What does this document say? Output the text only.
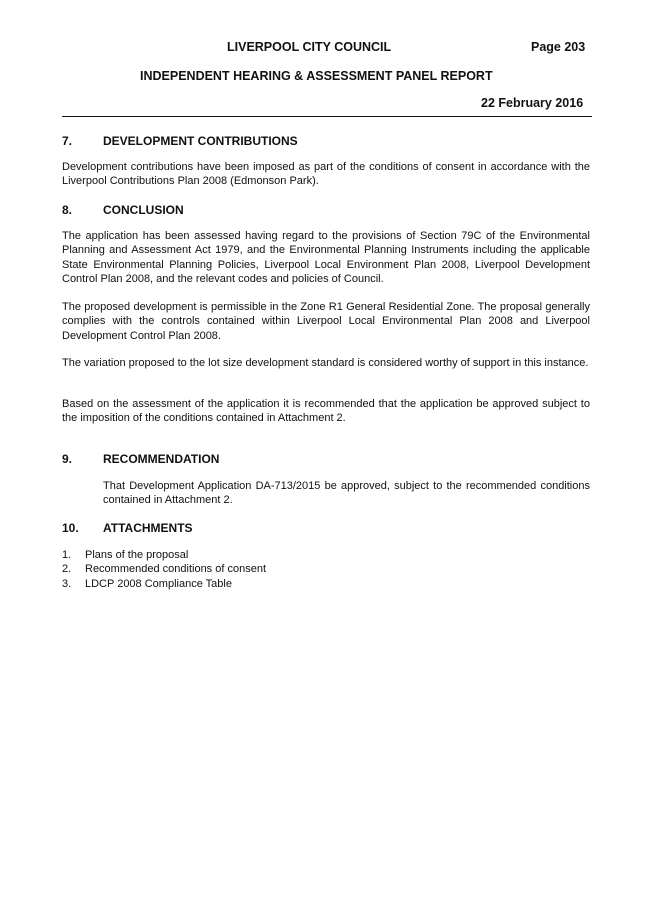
LIVERPOOL CITY COUNCIL	Page 203
INDEPENDENT HEARING & ASSESSMENT PANEL REPORT
22 February 2016
7.	DEVELOPMENT CONTRIBUTIONS

Development contributions have been imposed as part of the conditions of consent in accordance with the Liverpool Contributions Plan 2008 (Edmonson Park).

8.	CONCLUSION

The application has been assessed having regard to the provisions of Section 79C of the Environmental Planning and Assessment Act 1979, and the Environmental Planning Instruments including the applicable State Environmental Planning Policies, Liverpool Local Environment Plan 2008, Liverpool Development Control Plan 2008, and the relevant codes and policies of Council.

The proposed development is permissible in the Zone R1 General Residential Zone. The proposal generally complies with the controls contained within Liverpool Local Environmental Plan 2008 and Liverpool Development Control Plan 2008.

The variation proposed to the lot size development standard is considered worthy of support in this instance.

Based on the assessment of the application it is recommended that the application be approved subject to the imposition of the conditions contained in Attachment 2.

9.	RECOMMENDATION

That Development Application DA-713/2015 be approved, subject to the recommended conditions contained in Attachment 2.

10. ATTACHMENTS
1. Plans of the proposal
2. Recommended conditions of consent
3. LDCP 2008 Compliance Table
